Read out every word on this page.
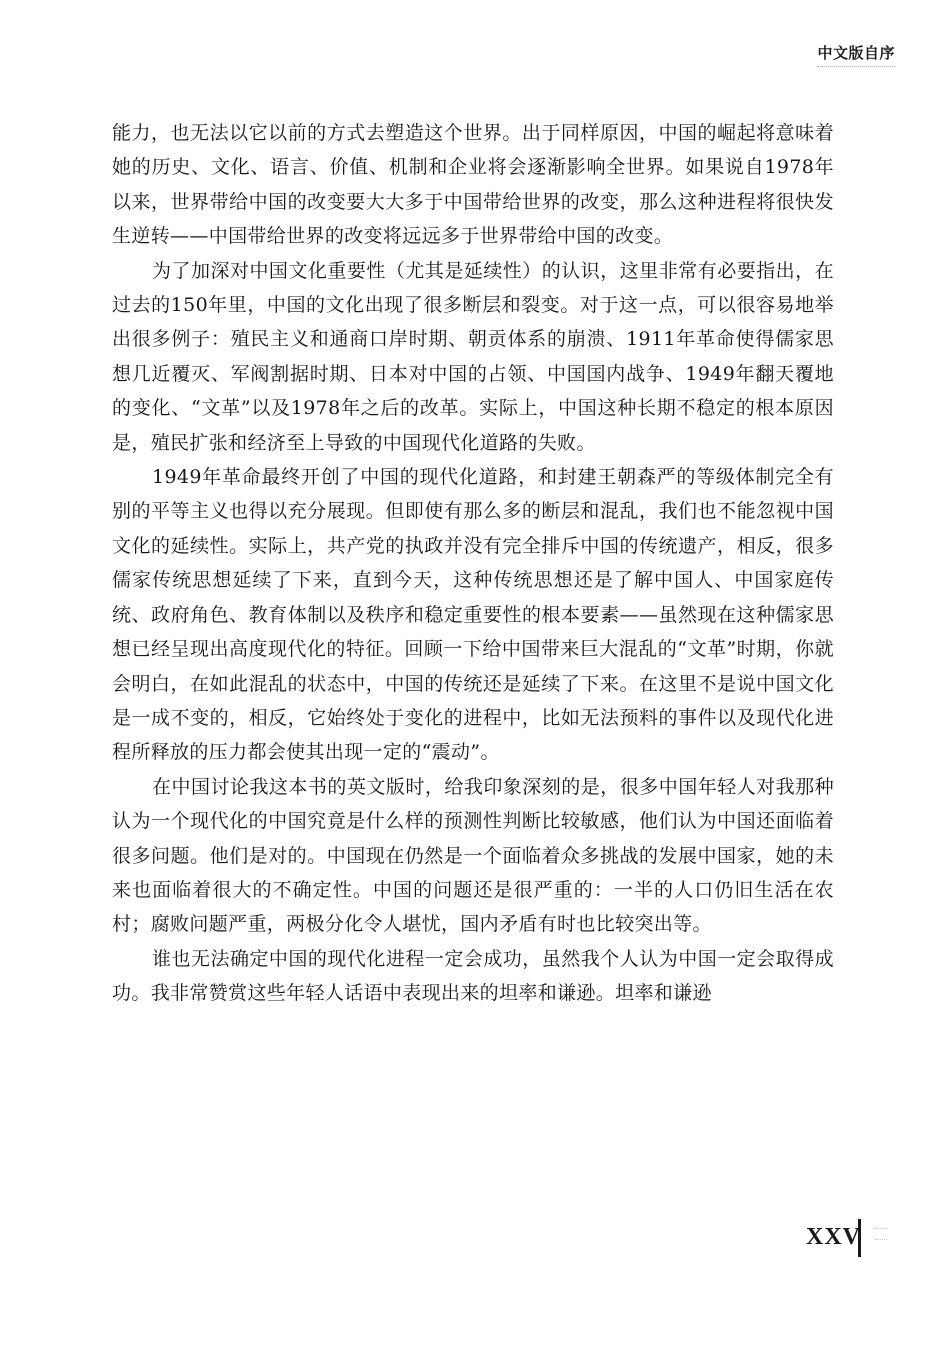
中文版自序

能力，也无法以它以前的方式去塑造这个世界。出于同样原因，中国的崛起将意味着她的历史、文化、语言、价值、机制和企业将会逐渐影响全世界。如果说自1978年以来，世界带给中国的改变要大大多于中国带给世界的改变，那么这种进程将很快发生逆转——中国带给世界的改变将远远多于世界带给中国的改变。

为了加深对中国文化重要性（尤其是延续性）的认识，这里非常有必要指出，在过去的150年里，中国的文化出现了很多断层和裂变。对于这一点，可以很容易地举出很多例子：殖民主义和通商口岸时期、朝贡体系的崩溃、1911年革命使得儒家思想几近覆灭、军阀割据时期、日本对中国的占领、中国国内战争、1949年翻天覆地的变化、“文革”以及1978年之后的改革。实际上，中国这种长期不稳定的根本原因是，殖民扩张和经济至上导致的中国现代化道路的失败。

1949年革命最终开创了中国的现代化道路，和封建王朝森严的等级体制完全有别的平等主义也得以充分展现。但即使有那么多的断层和混乱，我们也不能忽视中国文化的延续性。实际上，共产党的执政并没有完全排斥中国的传统遗产，相反，很多儒家传统思想延续了下来，直到今天，这种传统思想还是了解中国人、中国家庭传统、政府角色、教育体制以及秩序和稳定重要性的根本要素——虽然现在这种儒家思想已经呈现出高度现代化的特征。回顾一下给中国带来巨大混乱的“文革”时期，你就会明白，在如此混乱的状态中，中国的传统还是延续了下来。在这里不是说中国文化是一成不变的，相反，它始终处于变化的进程中，比如无法预料的事件以及现代化进程所释放的压力都会使其出现一定的“震动”。

在中国讨论我这本书的英文版时，给我印象深刻的是，很多中国年轻人对我那种认为一个现代化的中国究竟是什么样的预测性判断比较敏感，他们认为中国还面临着很多问题。他们是对的。中国现在仍然是一个面临着众多挑战的发展中国家，她的未来也面临着很大的不确定性。中国的问题还是很严重的：一半的人口仍旧生活在农村；腐败问题严重，两极分化令人堪忧，国内矛盾有时也比较突出等。

谁也无法确定中国的现代化进程一定会成功，虽然我个人认为中国一定会取得成功。我非常赞赏这些年轻人话语中表现出来的坦率和谦逊。坦率和谦逊

XXV
